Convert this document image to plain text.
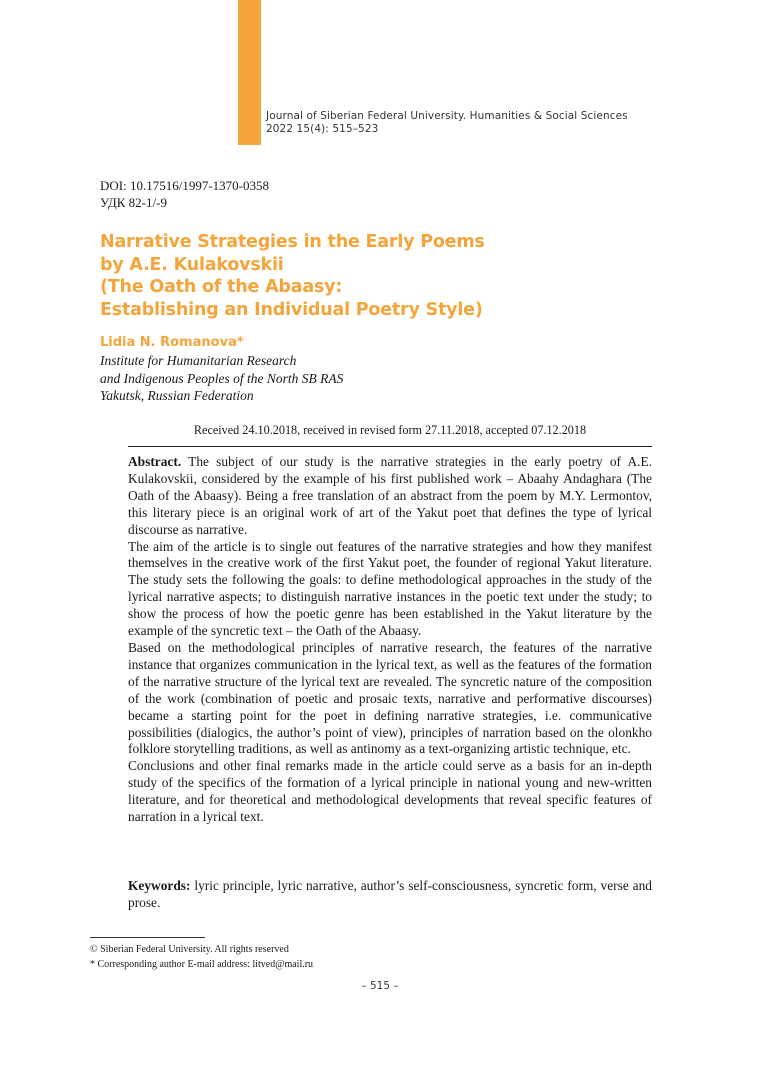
Journal of Siberian Federal University. Humanities & Social Sciences
2022 15(4): 515–523
DOI: 10.17516/1997-1370-0358
УДК 82-1/-9
Narrative Strategies in the Early Poems
by A.E. Kulakovskii
(The Oath of the Abaasy:
Establishing an Individual Poetry Style)
Lidia N. Romanova*
Institute for Humanitarian Research
and Indigenous Peoples of the North SB RAS
Yakutsk, Russian Federation
Received 24.10.2018, received in revised form 27.11.2018, accepted 07.12.2018

Abstract. The subject of our study is the narrative strategies in the early poetry of A.E. Kulakovskii, considered by the example of his first published work – Abaahy Andaghara (The Oath of the Abaasy). Being a free translation of an abstract from the poem by M.Y. Lermontov, this literary piece is an original work of art of the Yakut poet that defines the type of lyrical discourse as narrative.

The aim of the article is to single out features of the narrative strategies and how they manifest themselves in the creative work of the first Yakut poet, the founder of regional Yakut literature. The study sets the following the goals: to define methodological approaches in the study of the lyrical narrative aspects; to distinguish narrative instances in the poetic text under the study; to show the process of how the poetic genre has been established in the Yakut literature by the example of the syncretic text – the Oath of the Abaasy.

Based on the methodological principles of narrative research, the features of the narrative instance that organizes communication in the lyrical text, as well as the features of the formation of the narrative structure of the lyrical text are revealed. The syncretic nature of the composition of the work (combination of poetic and prosaic texts, narrative and performative discourses) became a starting point for the poet in defining narrative strategies, i.e. communicative possibilities (dialogics, the author’s point of view), principles of narration based on the olonkho folklore storytelling traditions, as well as antinomy as a text-organizing artistic technique, etc.

Conclusions and other final remarks made in the article could serve as a basis for an in-depth study of the specifics of the formation of a lyrical principle in national young and new-written literature, and for theoretical and methodological developments that reveal specific features of narration in a lyrical text.

Keywords: lyric principle, lyric narrative, author’s self-consciousness, syncretic form, verse and prose.
© Siberian Federal University. All rights reserved
* Corresponding author E-mail address: litved@mail.ru
– 515 –
